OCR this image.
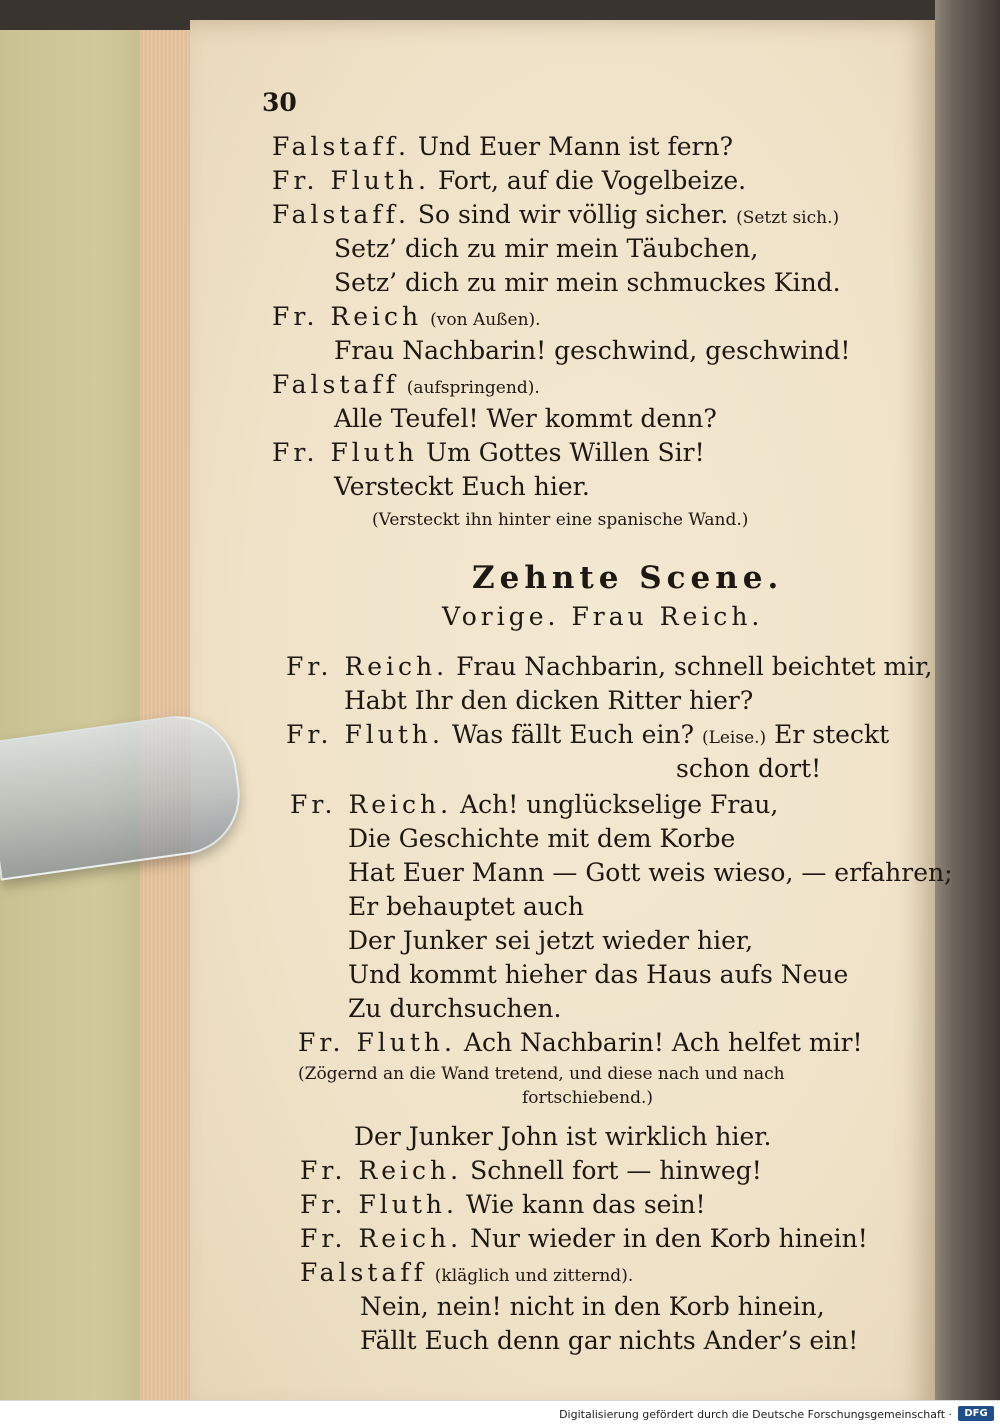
30
Falstaff. Und Euer Mann ist fern?
Fr. Fluth. Fort, auf die Vogelbeize.
Falstaff. So sind wir völlig sicher. (Setzt sich.)
Setz’ dich zu mir mein Täubchen,
Setz’ dich zu mir mein schmuckes Kind.
Fr. Reich (von Außen).
Frau Nachbarin! geschwind, geschwind!
Falstaff (aufspringend).
Alle Teufel! Wer kommt denn?
Fr. Fluth Um Gottes Willen Sir!
Versteckt Euch hier.
(Versteckt ihn hinter eine spanische Wand.)
Zehnte Scene.
Vorige. Frau Reich.
Fr. Reich. Frau Nachbarin, schnell beichtet mir,
Habt Ihr den dicken Ritter hier?
Fr. Fluth. Was fällt Euch ein? (Leise.) Er steckt
schon dort!
Fr. Reich. Ach! unglückselige Frau,
Die Geschichte mit dem Korbe
Hat Euer Mann — Gott weis wieso, — erfahren;
Er behauptet auch
Der Junker sei jetzt wieder hier,
Und kommt hieher das Haus aufs Neue
Zu durchsuchen.
Fr. Fluth. Ach Nachbarin! Ach helfet mir!
(Zögernd an die Wand tretend, und diese nach und nach
fortschiebend.)
Der Junker John ist wirklich hier.
Fr. Reich. Schnell fort — hinweg!
Fr. Fluth. Wie kann das sein!
Fr. Reich. Nur wieder in den Korb hinein!
Falstaff (kläglich und zitternd).
Nein, nein! nicht in den Korb hinein,
Fällt Euch denn gar nichts Ander’s ein!
Digitalisierung gefördert durch die Deutsche Forschungsgemeinschaft ·	DFG
